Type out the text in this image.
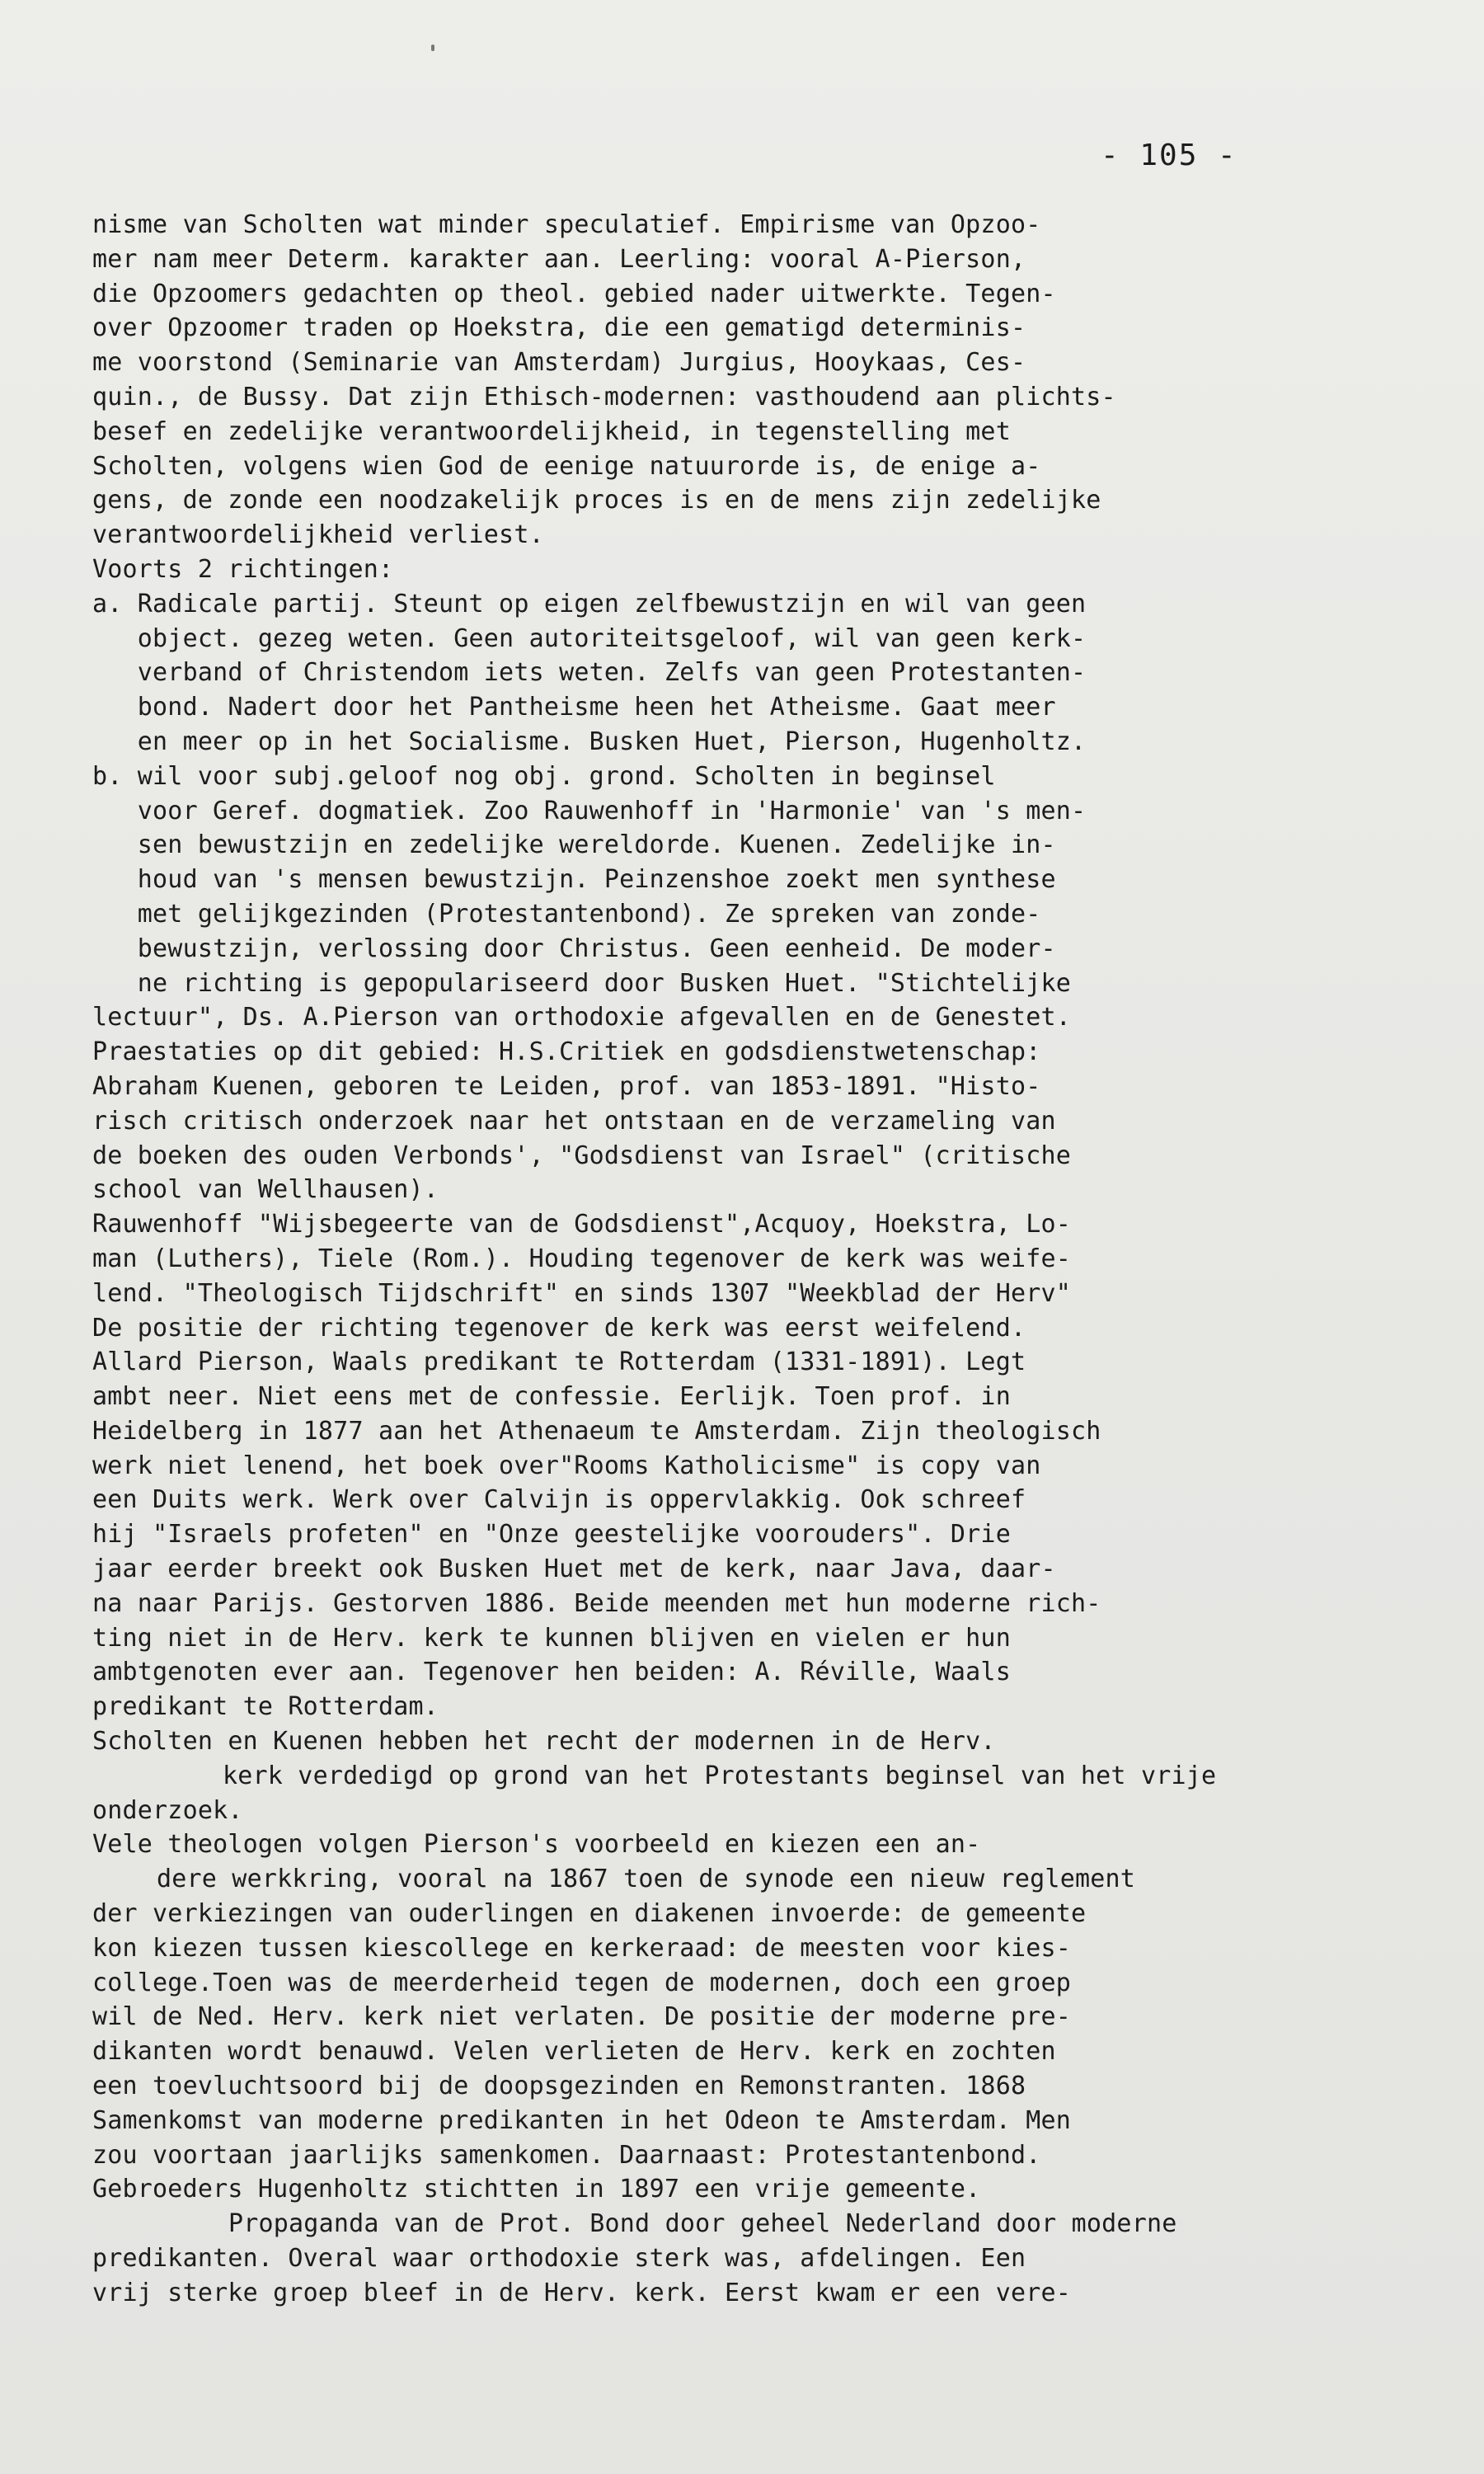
- 105 -
nisme van Scholten wat minder speculatief. Empirisme van Opzoo-
mer nam meer Determ. karakter aan. Leerling: vooral A-Pierson,
die Opzoomers gedachten op theol. gebied nader uitwerkte. Tegen-
over Opzoomer traden op Hoekstra, die een gematigd determinis-
me voorstond (Seminarie van Amsterdam) Jurgius, Hooykaas, Ces-
quin., de Bussy. Dat zijn Ethisch-modernen: vasthoudend aan plichts-
besef en zedelijke verantwoordelijkheid, in tegenstelling met
Scholten, volgens wien God de eenige natuurorde is, de enige a-
gens, de zonde een noodzakelijk proces is en de mens zijn zedelijke
verantwoordelijkheid verliest.
Voorts 2 richtingen:
a. Radicale partij. Steunt op eigen zelfbewustzijn en wil van geen
object. gezeg weten. Geen autoriteitsgeloof, wil van geen kerk-
verband of Christendom iets weten. Zelfs van geen Protestanten-
bond. Nadert door het Pantheisme heen het Atheisme. Gaat meer
en meer op in het Socialisme. Busken Huet, Pierson, Hugenholtz.
b. wil voor subj.geloof nog obj. grond. Scholten in beginsel
voor Geref. dogmatiek. Zoo Rauwenhoff in 'Harmonie' van 's men-
sen bewustzijn en zedelijke wereldorde. Kuenen. Zedelijke in-
houd van 's mensen bewustzijn. Peinzenshoe zoekt men synthese
met gelijkgezinden (Protestantenbond). Ze spreken van zonde-
bewustzijn, verlossing door Christus. Geen eenheid. De moder-
ne richting is gepopulariseerd door Busken Huet. "Stichtelijke
lectuur", Ds. A.Pierson van orthodoxie afgevallen en de Genestet.
Praestaties op dit gebied: H.S.Critiek en godsdienstwetenschap:
Abraham Kuenen, geboren te Leiden, prof. van 1853-1891. "Histo-
risch critisch onderzoek naar het ontstaan en de verzameling van
de boeken des ouden Verbonds', "Godsdienst van Israel" (critische
school van Wellhausen).
Rauwenhoff "Wijsbegeerte van de Godsdienst",Acquoy, Hoekstra, Lo-
man (Luthers), Tiele (Rom.). Houding tegenover de kerk was weife-
lend. "Theologisch Tijdschrift" en sinds 1307 "Weekblad der Herv"
De positie der richting tegenover de kerk was eerst weifelend.
Allard Pierson, Waals predikant te Rotterdam (1331-1891). Legt
ambt neer. Niet eens met de confessie. Eerlijk. Toen prof. in
Heidelberg in 1877 aan het Athenaeum te Amsterdam. Zijn theologisch
werk niet lenend, het boek over"Rooms Katholicisme" is copy van
een Duits werk. Werk over Calvijn is oppervlakkig. Ook schreef
hij "Israels profeten" en "Onze geestelijke voorouders". Drie
jaar eerder breekt ook Busken Huet met de kerk, naar Java, daar-
na naar Parijs. Gestorven 1886. Beide meenden met hun moderne rich-
ting niet in de Herv. kerk te kunnen blijven en vielen er hun
ambtgenoten ever aan. Tegenover hen beiden: A. Réville, Waals
predikant te Rotterdam.
Scholten en Kuenen hebben het recht der modernen in de Herv.
kerk verdedigd op grond van het Protestants beginsel van het vrije
onderzoek.
Vele theologen volgen Pierson's voorbeeld en kiezen een an-
dere werkkring, vooral na 1867 toen de synode een nieuw reglement
der verkiezingen van ouderlingen en diakenen invoerde: de gemeente
kon kiezen tussen kiescollege en kerkeraad: de meesten voor kies-
college.Toen was de meerderheid tegen de modernen, doch een groep
wil de Ned. Herv. kerk niet verlaten. De positie der moderne pre-
dikanten wordt benauwd. Velen verlieten de Herv. kerk en zochten
een toevluchtsoord bij de doopsgezinden en Remonstranten. 1868
Samenkomst van moderne predikanten in het Odeon te Amsterdam. Men
zou voortaan jaarlijks samenkomen. Daarnaast: Protestantenbond.
Gebroeders Hugenholtz stichtten in 1897 een vrije gemeente.
Propaganda van de Prot. Bond door geheel Nederland door moderne
predikanten. Overal waar orthodoxie sterk was, afdelingen. Een
vrij sterke groep bleef in de Herv. kerk. Eerst kwam er een vere-
